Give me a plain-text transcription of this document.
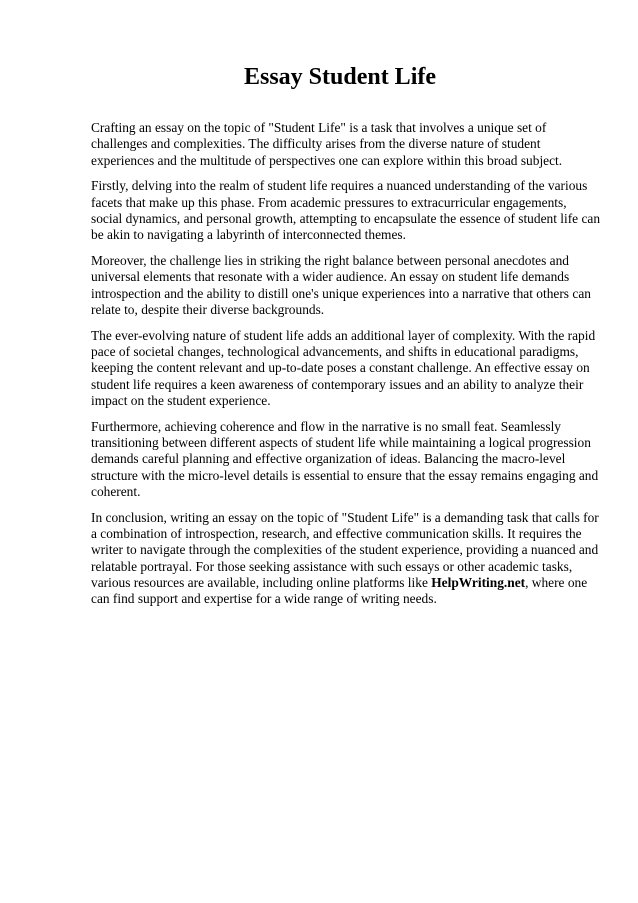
Essay Student Life

Crafting an essay on the topic of "Student Life" is a task that involves a unique set of challenges and complexities. The difficulty arises from the diverse nature of student experiences and the multitude of perspectives one can explore within this broad subject.

Firstly, delving into the realm of student life requires a nuanced understanding of the various facets that make up this phase. From academic pressures to extracurricular engagements, social dynamics, and personal growth, attempting to encapsulate the essence of student life can be akin to navigating a labyrinth of interconnected themes.

Moreover, the challenge lies in striking the right balance between personal anecdotes and universal elements that resonate with a wider audience. An essay on student life demands introspection and the ability to distill one's unique experiences into a narrative that others can relate to, despite their diverse backgrounds.

The ever-evolving nature of student life adds an additional layer of complexity. With the rapid pace of societal changes, technological advancements, and shifts in educational paradigms, keeping the content relevant and up-to-date poses a constant challenge. An effective essay on student life requires a keen awareness of contemporary issues and an ability to analyze their impact on the student experience.

Furthermore, achieving coherence and flow in the narrative is no small feat. Seamlessly transitioning between different aspects of student life while maintaining a logical progression demands careful planning and effective organization of ideas. Balancing the macro-level structure with the micro-level details is essential to ensure that the essay remains engaging and coherent.

In conclusion, writing an essay on the topic of "Student Life" is a demanding task that calls for a combination of introspection, research, and effective communication skills. It requires the writer to navigate through the complexities of the student experience, providing a nuanced and relatable portrayal. For those seeking assistance with such essays or other academic tasks, various resources are available, including online platforms like HelpWriting.net, where one can find support and expertise for a wide range of writing needs.
